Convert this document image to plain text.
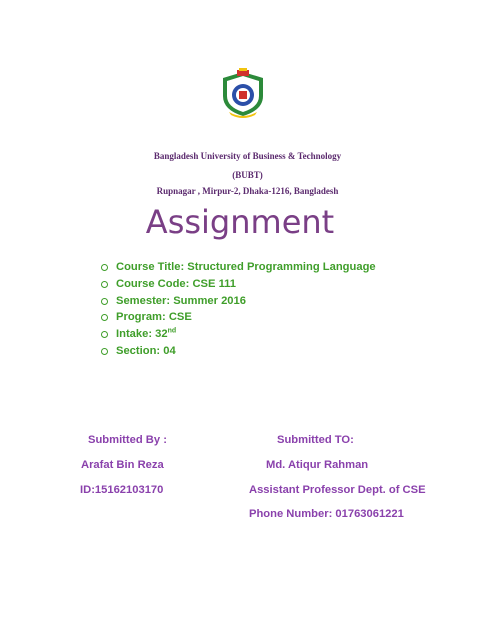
Bangladesh University of Business & Technology
(BUBT)
Rupnagar , Mirpur-2, Dhaka-1216, Bangladesh
Assignment
Course Title: Structured Programming Language
Course Code: CSE 111
Semester: Summer 2016
Program: CSE
Intake: 32nd
Section: 04
Submitted By :
Arafat Bin Reza
ID:15162103170
Submitted TO:
Md. Atiqur Rahman
Assistant Professor Dept. of CSE
Phone Number: 01763061221
